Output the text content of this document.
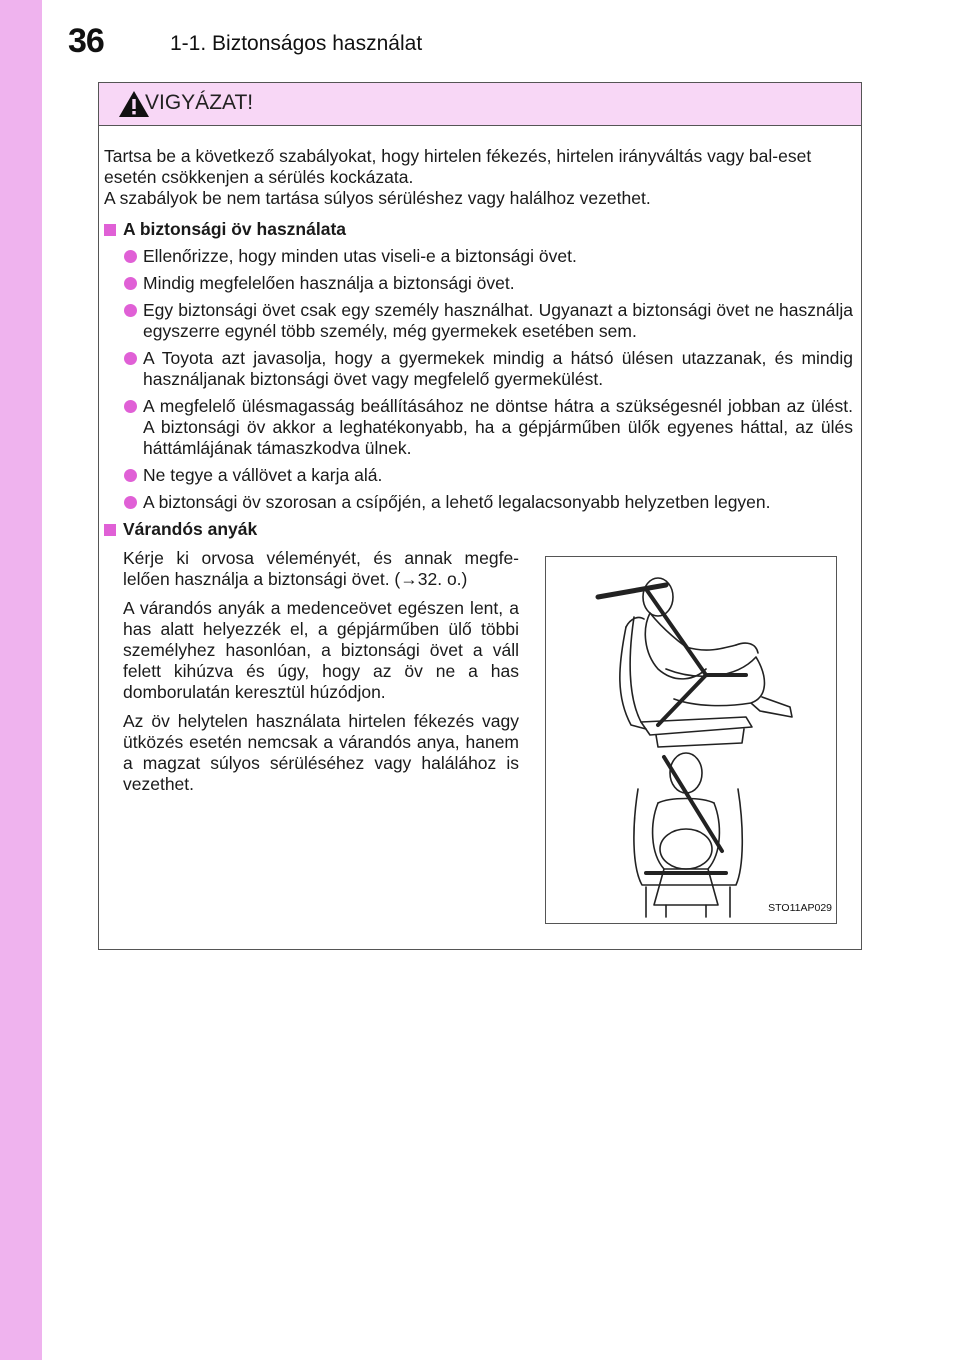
36	1-1. Biztonságos használat
VIGYÁZAT!

Tartsa be a következő szabályokat, hogy hirtelen fékezés, hirtelen irányváltás vagy bal-eset esetén csökkenjen a sérülés kockázata.

A szabályok be nem tartása súlyos sérüléshez vagy halálhoz vezethet.

A biztonsági öv használata
Ellenőrizze, hogy minden utas viseli-e a biztonsági övet.
Mindig megfelelően használja a biztonsági övet.
Egy biztonsági övet csak egy személy használhat. Ugyanazt a biztonsági övet ne használja egyszerre egynél több személy, még gyermekek esetében sem.
A Toyota azt javasolja, hogy a gyermekek mindig a hátsó ülésen utazzanak, és mindig használjanak biztonsági övet vagy megfelelő gyermekülést.
A megfelelő ülésmagasság beállításához ne döntse hátra a szükségesnél jobban az ülést. A biztonsági öv akkor a leghatékonyabb, ha a gépjárműben ülők egyenes háttal, az ülés háttámlájának támaszkodva ülnek.
Ne tegye a vállövet a karja alá.
A biztonsági öv szorosan a csípőjén, a lehető legalacsonyabb helyzetben legyen.
Várandós anyák

Kérje ki orvosa véleményét, és annak megfe-lelően használja a biztonsági övet. (→32. o.)

A várandós anyák a medenceövet egészen lent, a has alatt helyezzék el, a gépjárműben ülő többi személyhez hasonlóan, a biztonsági övet a váll felett kihúzva és úgy, hogy az öv ne a has domborulatán keresztül húzódjon.

Az öv helytelen használata hirtelen fékezés vagy ütközés esetén nemcsak a várandós anya, hanem a magzat súlyos sérüléséhez vagy halálához is vezethet.

STO11AP029
